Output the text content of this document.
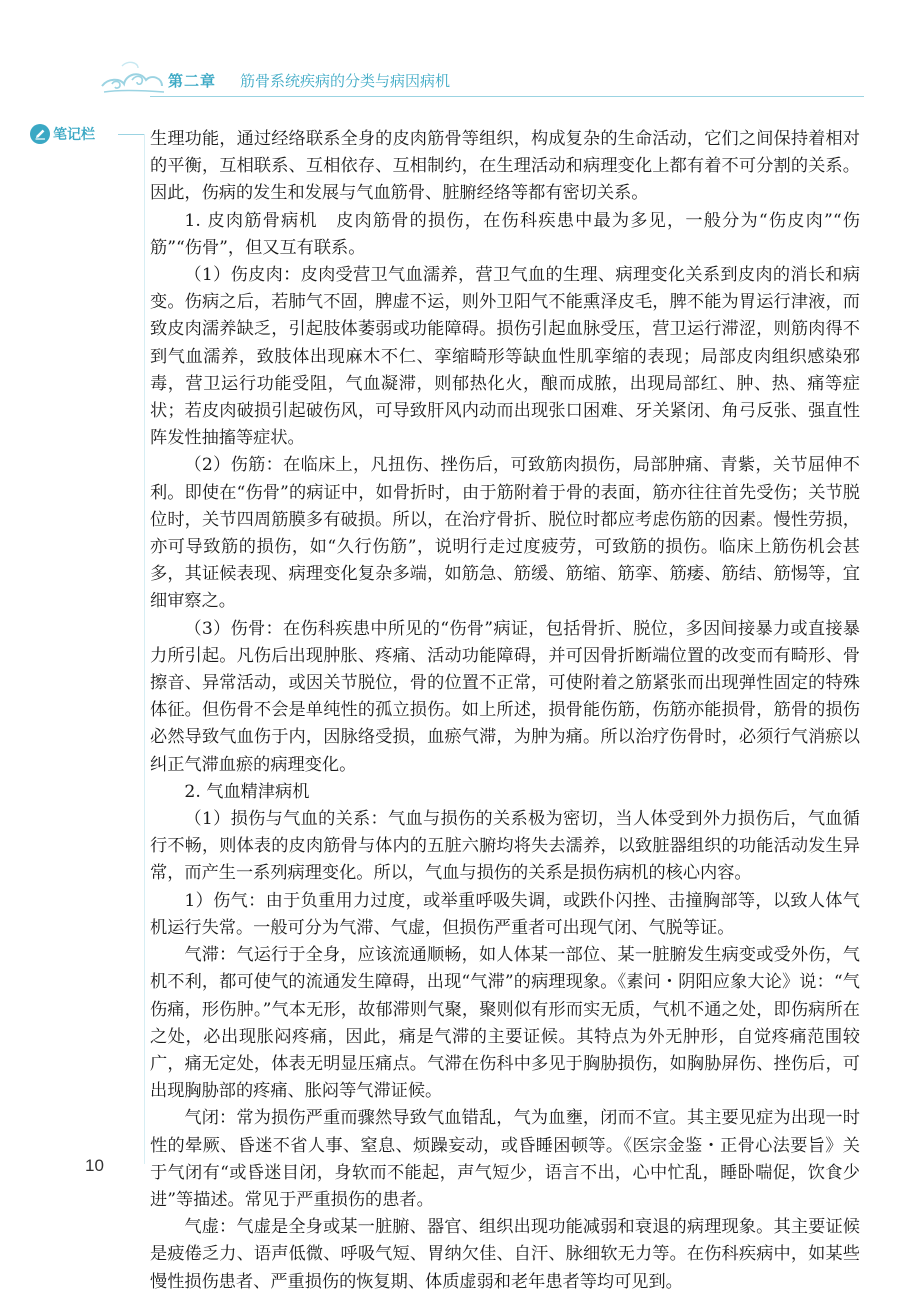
第二章 筋骨系统疾病的分类与病因病机
笔记栏	生理功能，通过经络联系全身的皮肉筋骨等组织，构成复杂的生命活动，它们之间保持着相对的平衡，互相联系、互相依存、互相制约，在生理活动和病理变化上都有着不可分割的关系。因此，伤病的发生和发展与气血筋骨、脏腑经络等都有密切关系。

1. 皮肉筋骨病机　皮肉筋骨的损伤，在伤科疾患中最为多见，一般分为“伤皮肉”“伤筋”“伤骨”，但又互有联系。

（1）伤皮肉：皮肉受营卫气血濡养，营卫气血的生理、病理变化关系到皮肉的消长和病变。伤病之后，若肺气不固，脾虚不运，则外卫阳气不能熏泽皮毛，脾不能为胃运行津液，而致皮肉濡养缺乏，引起肢体萎弱或功能障碍。损伤引起血脉受压，营卫运行滞涩，则筋肉得不到气血濡养，致肢体出现麻木不仁、挛缩畸形等缺血性肌挛缩的表现；局部皮肉组织感染邪毒，营卫运行功能受阻，气血凝滞，则郁热化火，酿而成脓，出现局部红、肿、热、痛等症状；若皮肉破损引起破伤风，可导致肝风内动而出现张口困难、牙关紧闭、角弓反张、强直性阵发性抽搐等症状。

（2）伤筋：在临床上，凡扭伤、挫伤后，可致筋肉损伤，局部肿痛、青紫，关节屈伸不利。即使在“伤骨”的病证中，如骨折时，由于筋附着于骨的表面，筋亦往往首先受伤；关节脱位时，关节四周筋膜多有破损。所以，在治疗骨折、脱位时都应考虑伤筋的因素。慢性劳损，亦可导致筋的损伤，如“久行伤筋”，说明行走过度疲劳，可致筋的损伤。临床上筋伤机会甚多，其证候表现、病理变化复杂多端，如筋急、筋缓、筋缩、筋挛、筋痿、筋结、筋惕等，宜细审察之。

（3）伤骨：在伤科疾患中所见的“伤骨”病证，包括骨折、脱位，多因间接暴力或直接暴力所引起。凡伤后出现肿胀、疼痛、活动功能障碍，并可因骨折断端位置的改变而有畸形、骨擦音、异常活动，或因关节脱位，骨的位置不正常，可使附着之筋紧张而出现弹性固定的特殊体征。但伤骨不会是单纯性的孤立损伤。如上所述，损骨能伤筋，伤筋亦能损骨，筋骨的损伤必然导致气血伤于内，因脉络受损，血瘀气滞，为肿为痛。所以治疗伤骨时，必须行气消瘀以纠正气滞血瘀的病理变化。

2. 气血精津病机

（1）损伤与气血的关系：气血与损伤的关系极为密切，当人体受到外力损伤后，气血循行不畅，则体表的皮肉筋骨与体内的五脏六腑均将失去濡养，以致脏器组织的功能活动发生异常，而产生一系列病理变化。所以，气血与损伤的关系是损伤病机的核心内容。

1）伤气：由于负重用力过度，或举重呼吸失调，或跌仆闪挫、击撞胸部等，以致人体气机运行失常。一般可分为气滞、气虚，但损伤严重者可出现气闭、气脱等证。

气滞：气运行于全身，应该流通顺畅，如人体某一部位、某一脏腑发生病变或受外伤，气机不利，都可使气的流通发生障碍，出现“气滞”的病理现象。《素问・阴阳应象大论》说：“气伤痛，形伤肿。”气本无形，故郁滞则气聚，聚则似有形而实无质，气机不通之处，即伤病所在之处，必出现胀闷疼痛，因此，痛是气滞的主要证候。其特点为外无肿形，自觉疼痛范围较广，痛无定处，体表无明显压痛点。气滞在伤科中多见于胸胁损伤，如胸胁屏伤、挫伤后，可出现胸胁部的疼痛、胀闷等气滞证候。

气闭：常为损伤严重而骤然导致气血错乱，气为血壅，闭而不宣。其主要见症为出现一时性的晕厥、昏迷不省人事、窒息、烦躁妄动，或昏睡困顿等。《医宗金鉴・正骨心法要旨》关于气闭有“或昏迷目闭，身软而不能起，声气短少，语言不出，心中忙乱，睡卧喘促，饮食少进”等描述。常见于严重损伤的患者。

气虚：气虚是全身或某一脏腑、器官、组织出现功能减弱和衰退的病理现象。其主要证候是疲倦乏力、语声低微、呼吸气短、胃纳欠佳、自汗、脉细软无力等。在伤科疾病中，如某些慢性损伤患者、严重损伤的恢复期、体质虚弱和老年患者等均可见到。

10
